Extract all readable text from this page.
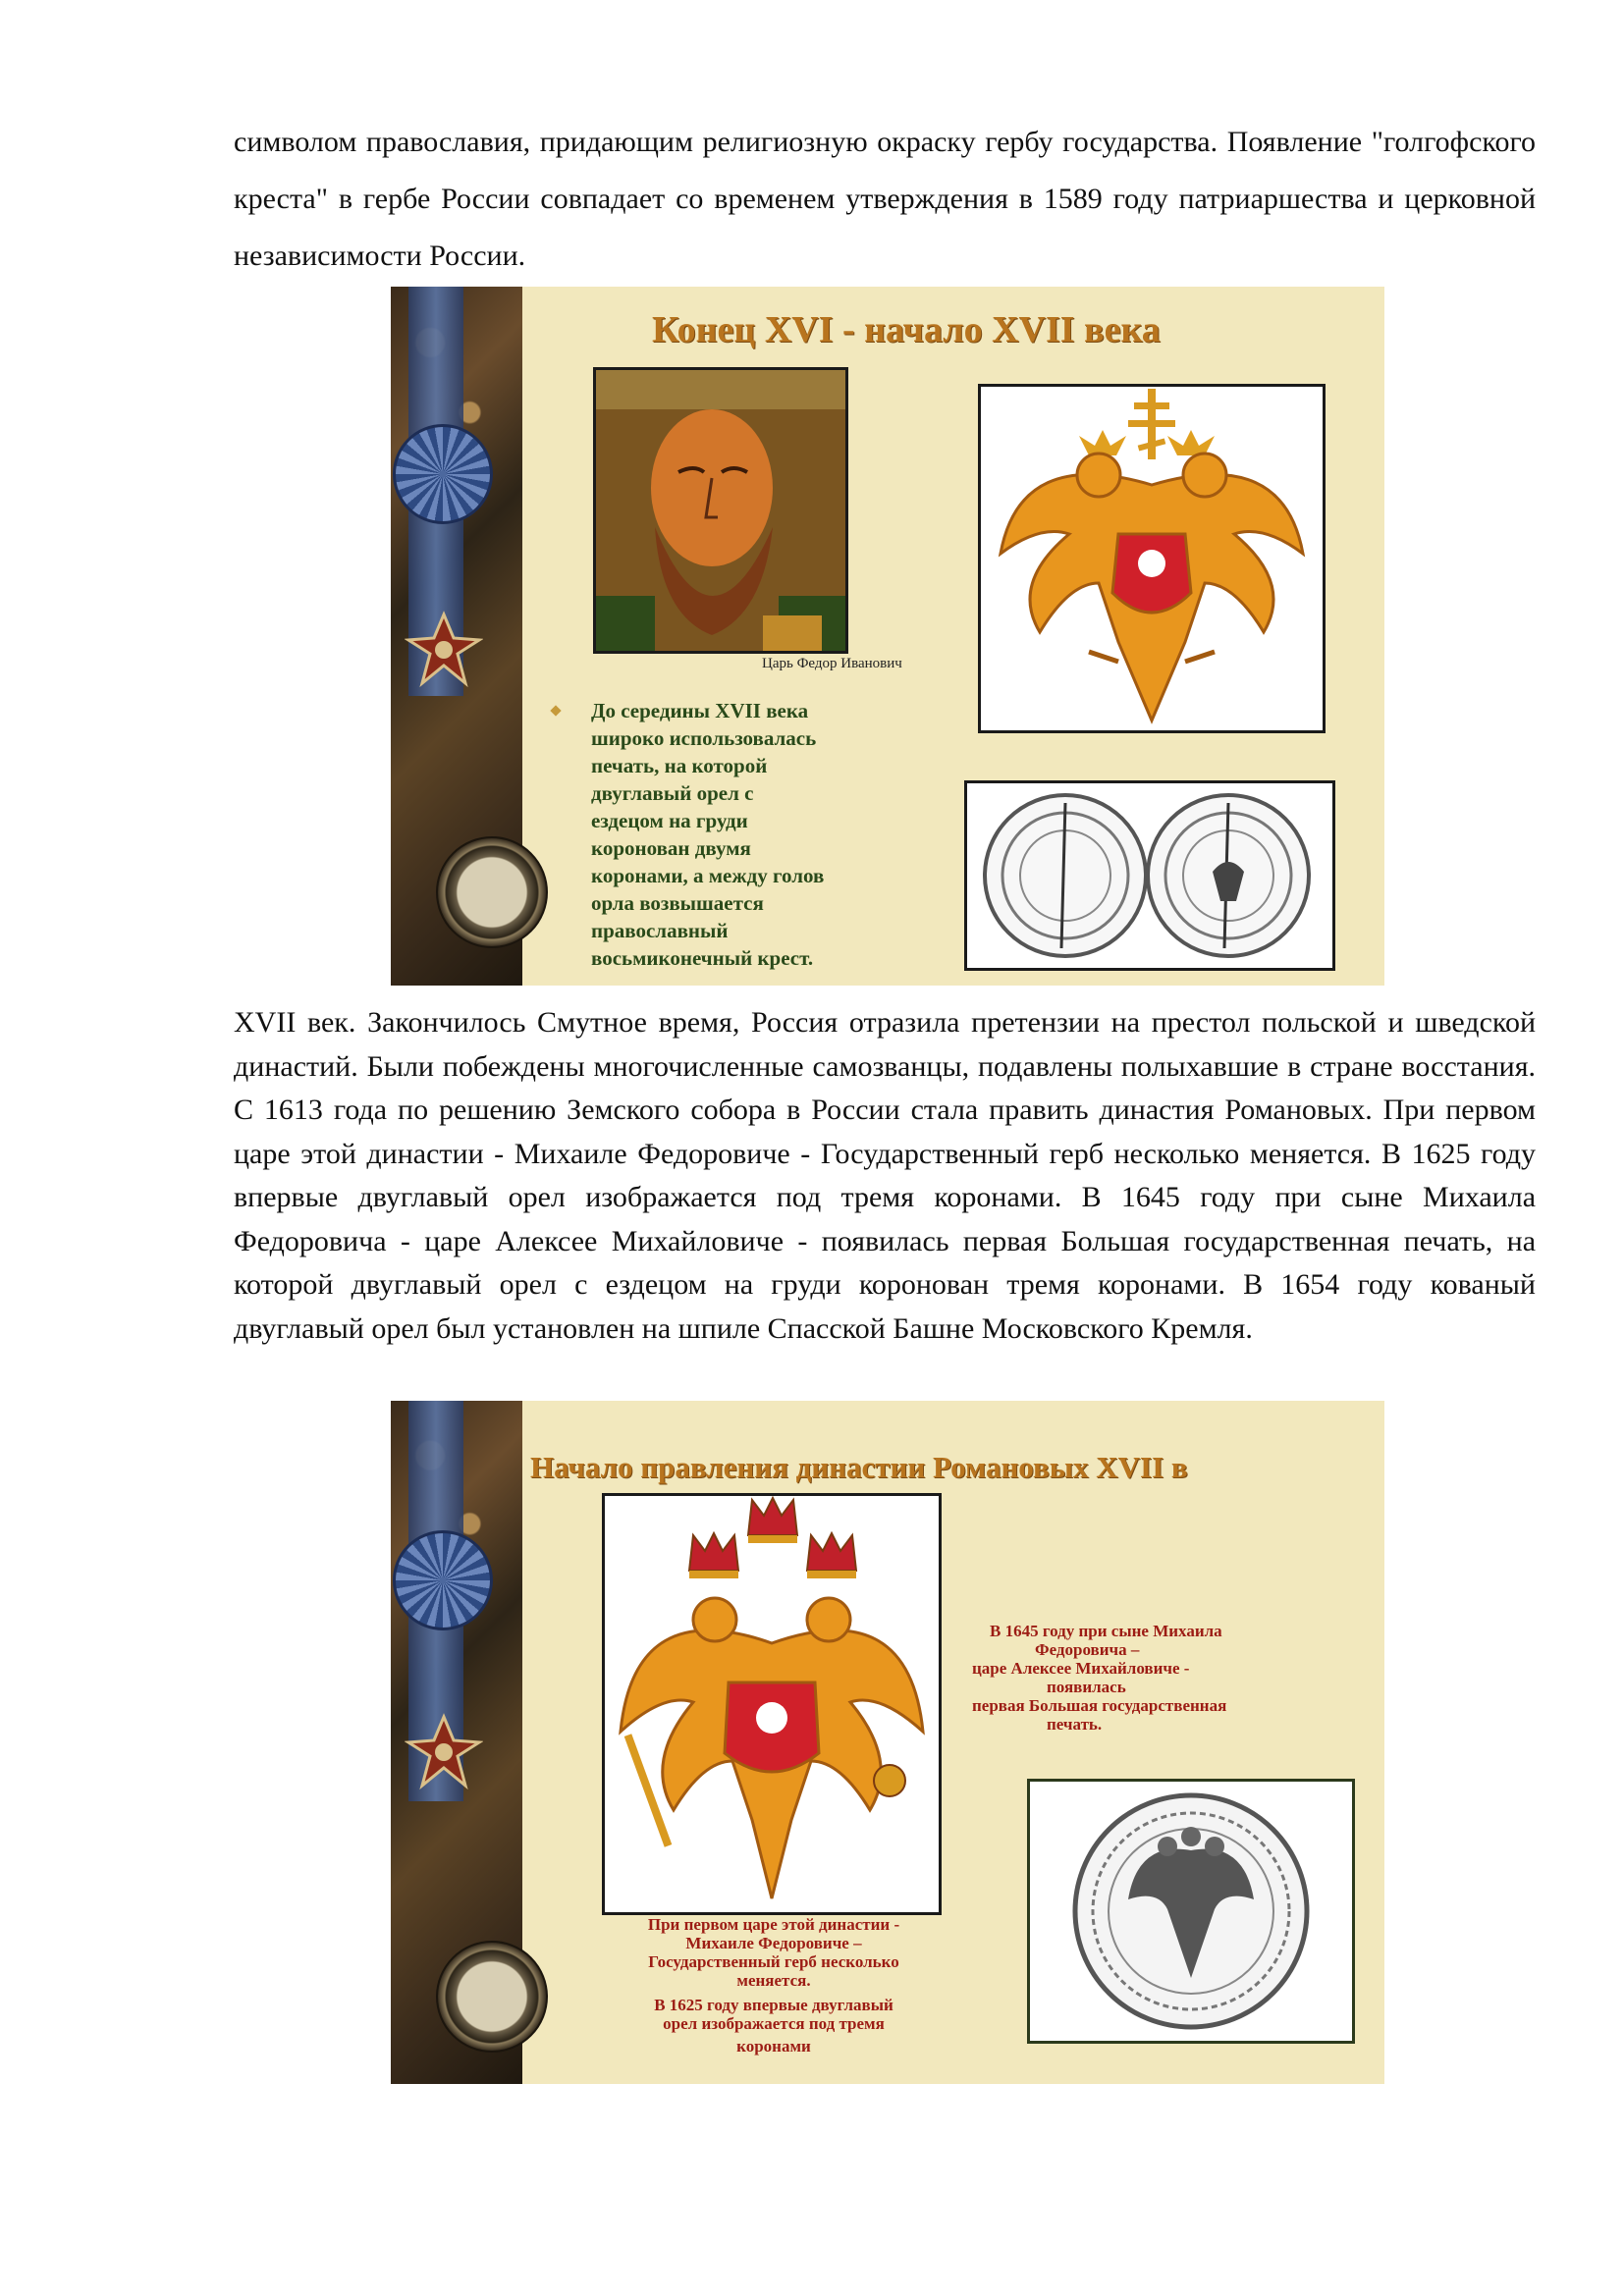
символом православия, придающим религиозную окраску гербу государства. Появление "голгофского креста" в гербе России совпадает со временем утверждения в 1589 году патриаршества и церковной независимости России.

Конец XVI - начало XVII века
Царь Федор Иванович

До середины XVII века широко использовалась печать, на которой двуглавый орел с ездецом на груди коронован двумя коронами, а между голов орла возвышается православный восьмиконечный крест.

XVII век. Закончилось Смутное время, Россия отразила претензии на престол польской и шведской династий. Были побеждены многочисленные самозванцы, подавлены полыхавшие в стране восстания. С 1613 года по решению Земского собора в России стала править династия Романовых. При первом царе этой династии - Михаиле Федоровиче - Государственный герб несколько меняется. В 1625 году впервые двуглавый орел изображается под тремя коронами. В 1645 году при сыне Михаила Федоровича - царе Алексее Михайловиче - появилась первая Большая государственная печать, на которой двуглавый орел с ездецом на груди коронован тремя коронами. В 1654 году кованый двуглавый орел был установлен на шпиле Спасской Башне Московского Кремля.

Начало правления династии Романовых XVII в

В 1645 году при сыне Михаила
Федоровича –
царе Алексее Михайловиче -
появилась
первая Большая государственная
печать.

При первом царе этой династии -
Михаиле Федоровиче –
Государственный герб несколько
меняется.
В 1625 году впервые двуглавый
орел изображается под тремя
коронами
